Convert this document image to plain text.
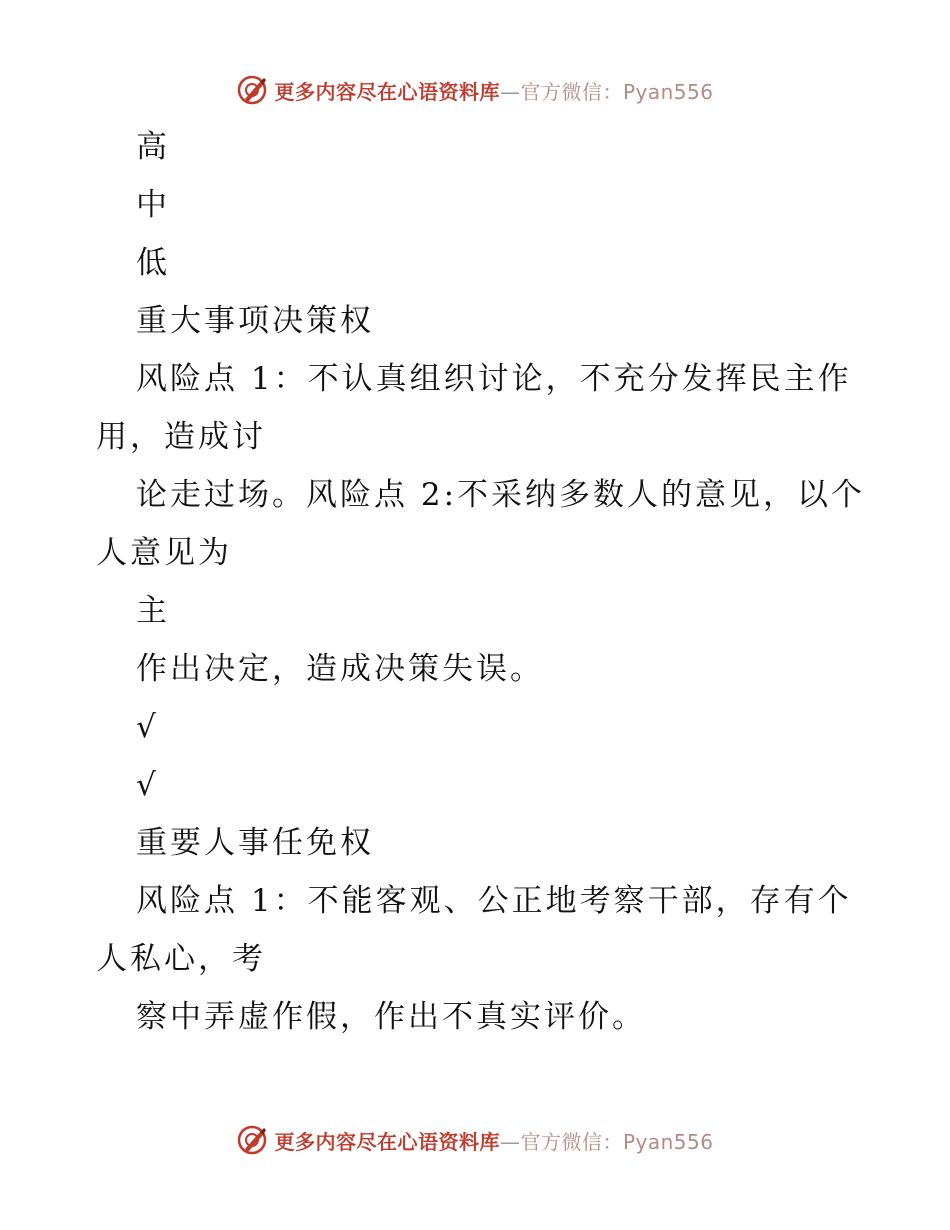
更多内容尽在心语资料库—官方微信：Pyan556

高

中

低

重大事项决策权

风险点 1：不认真组织讨论，不充分发挥民主作用，造成讨

论走过场。风险点 2:不采纳多数人的意见，以个人意见为

主

作出决定，造成决策失误。

√

√

重要人事任免权

风险点 1：不能客观、公正地考察干部，存有个人私心，考

察中弄虚作假，作出不真实评价。

更多内容尽在心语资料库—官方微信：Pyan556
